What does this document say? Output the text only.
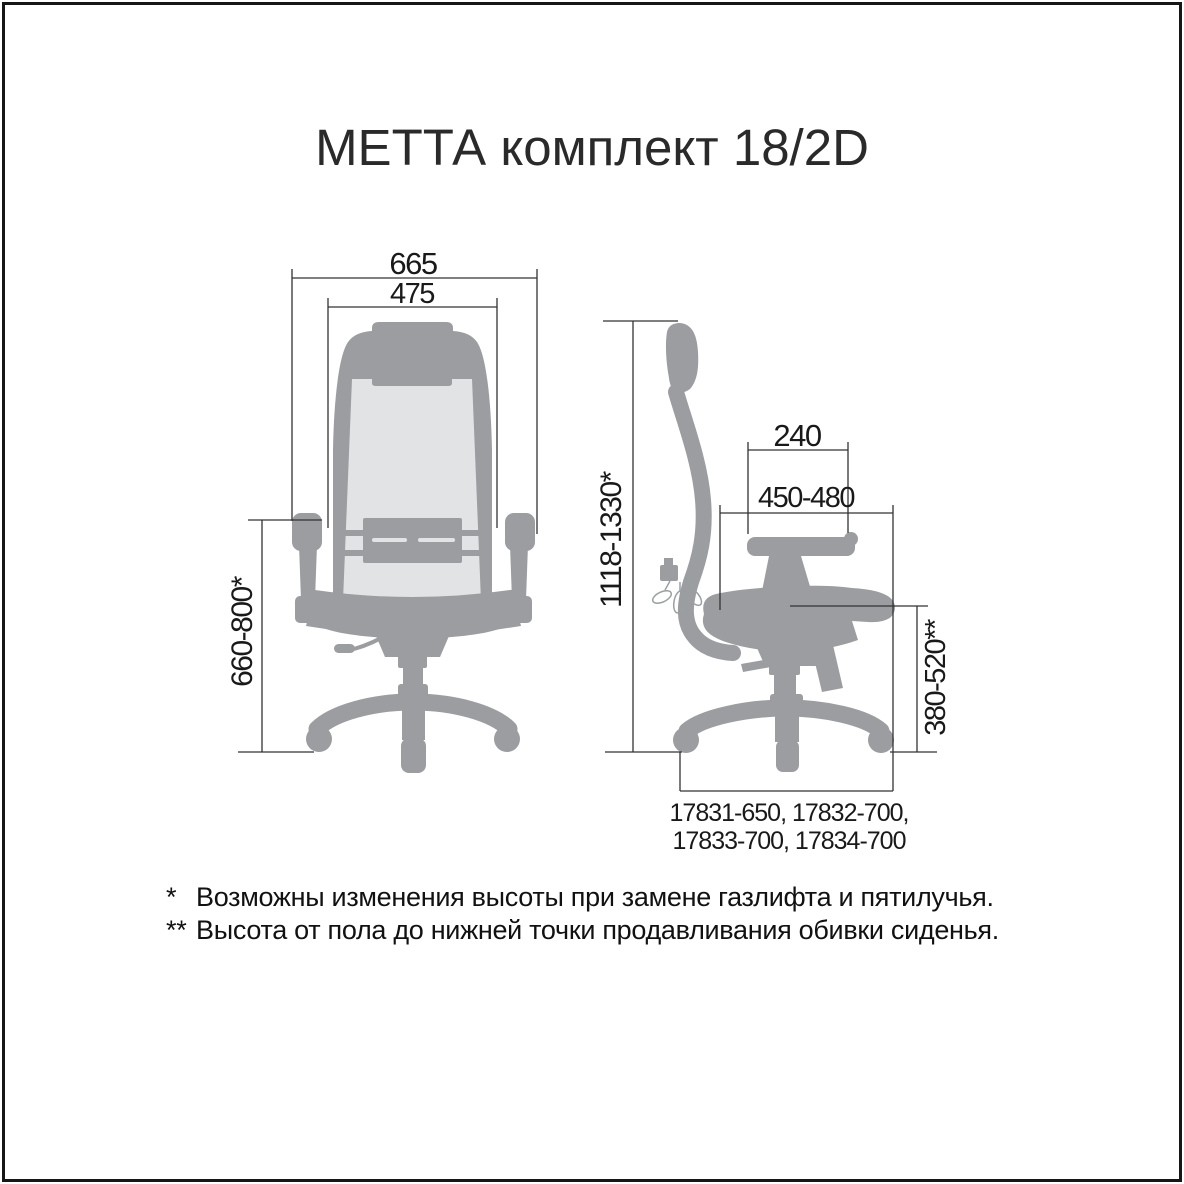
МЕТТА комплект 18/2D
665
475
660-800*
1118-1330*
240
450-480
380-520**
17831-650, 17832-700,
17833-700, 17834-700
* Возможны изменения высоты при замене газлифта и пятилучья.
** Высота от пола до нижней точки продавливания обивки сиденья.
